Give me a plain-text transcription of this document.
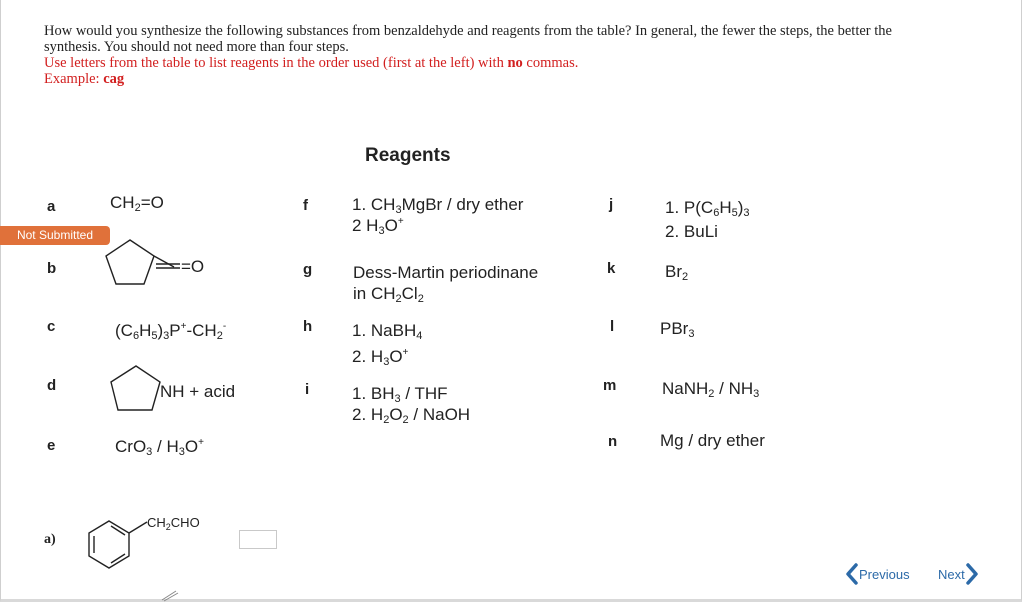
How would you synthesize the following substances from benzaldehyde and reagents from the table? In general, the fewer the steps, the better the
synthesis. You should not need more than four steps.
Use letters from the table to list reagents in the order used (first at the left) with no commas.
Example: cag
Reagents
a
b
c
d
e
f
g
h
i
j
k
l
m
n
$CH_2=O$
Not Submitted
=O
$(C_6H_5)_3P^+-CH_2^-$
NH + acid
$CrO_3 / H_3O^+$
1. $CH_3MgBr$ / dry ether
2 $H_3O^+$
Dess-Martin periodinane
in $CH_2Cl_2$
1. NaBH$_4$
2. $H_3O^+$
1. $BH_3$ / THF
2. $H_2O_2$ / NaOH
1. $P(C_6H_5)_3$
2. BuLi
$Br_2$
PBr$_3$
NaNH$_2$ / $NH_3$
Mg / dry ether
a)
$CH_2CHO$
Previous Next
